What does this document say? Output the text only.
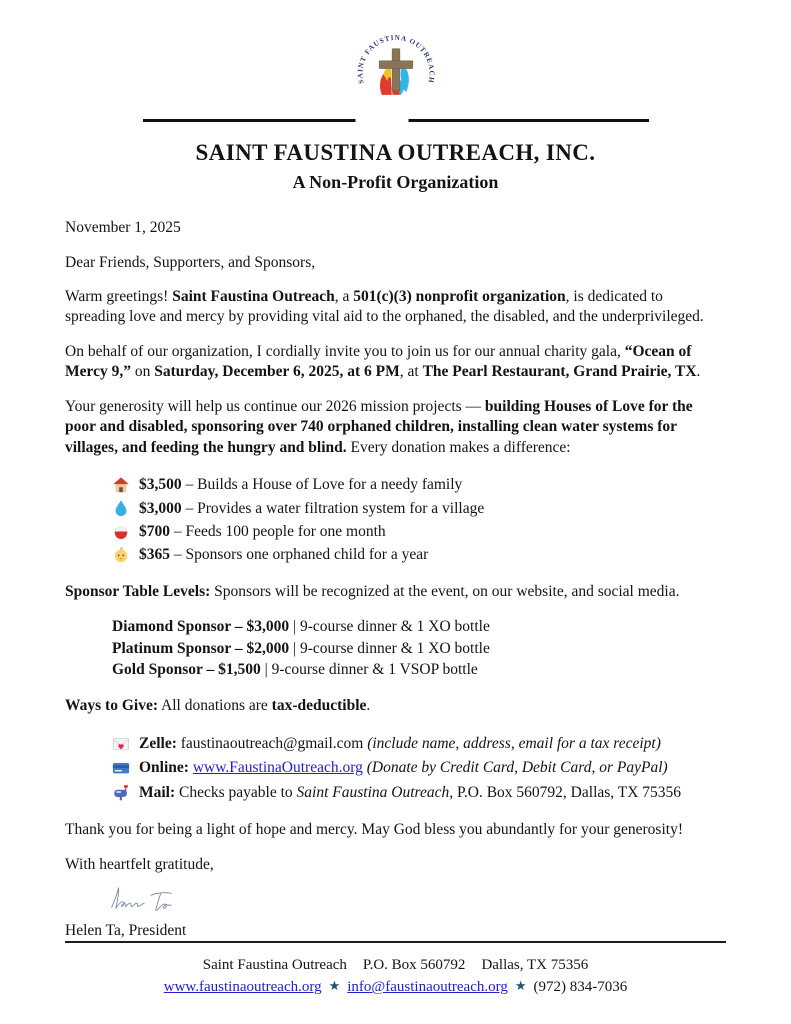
SAINT FAUSTINA OUTREACH
SAINT FAUSTINA OUTREACH, INC.
A Non-Profit Organization
November 1, 2025

Dear Friends, Supporters, and Sponsors,

Warm greetings! Saint Faustina Outreach, a 501(c)(3) nonprofit organization, is dedicated to spreading love and mercy by providing vital aid to the orphaned, the disabled, and the underprivileged.

On behalf of our organization, I cordially invite you to join us for our annual charity gala, “Ocean of Mercy 9,” on Saturday, December 6, 2025, at 6 PM, at The Pearl Restaurant, Grand Prairie, TX.

Your generosity will help us continue our 2026 mission projects — building Houses of Love for the poor and disabled, sponsoring over 740 orphaned children, installing clean water systems for villages, and feeding the hungry and blind. Every donation makes a difference:

$3,500 – Builds a House of Love for a needy family
$3,000 – Provides a water filtration system for a village
$700 – Feeds 100 people for one month
$365 – Sponsors one orphaned child for a year

Sponsor Table Levels: Sponsors will be recognized at the event, on our website, and social media.

Diamond Sponsor – $3,000 | 9-course dinner & 1 XO bottle
Platinum Sponsor – $2,000 | 9-course dinner & 1 XO bottle
Gold Sponsor – $1,500 | 9-course dinner & 1 VSOP bottle

Ways to Give: All donations are tax-deductible.

Zelle: faustinaoutreach@gmail.com (include name, address, email for a tax receipt)
Online: www.FaustinaOutreach.org (Donate by Credit Card, Debit Card, or PayPal)
Mail: Checks payable to Saint Faustina Outreach, P.O. Box 560792, Dallas, TX 75356

Thank you for being a light of hope and mercy. May God bless you abundantly for your generosity!

With heartfelt gratitude,

Helen Ta, President
Saint Faustina Outreach P.O. Box 560792 Dallas, TX 75356
www.faustinaoutreach.org ★ info@faustinaoutreach.org ★ (972) 834-7036
